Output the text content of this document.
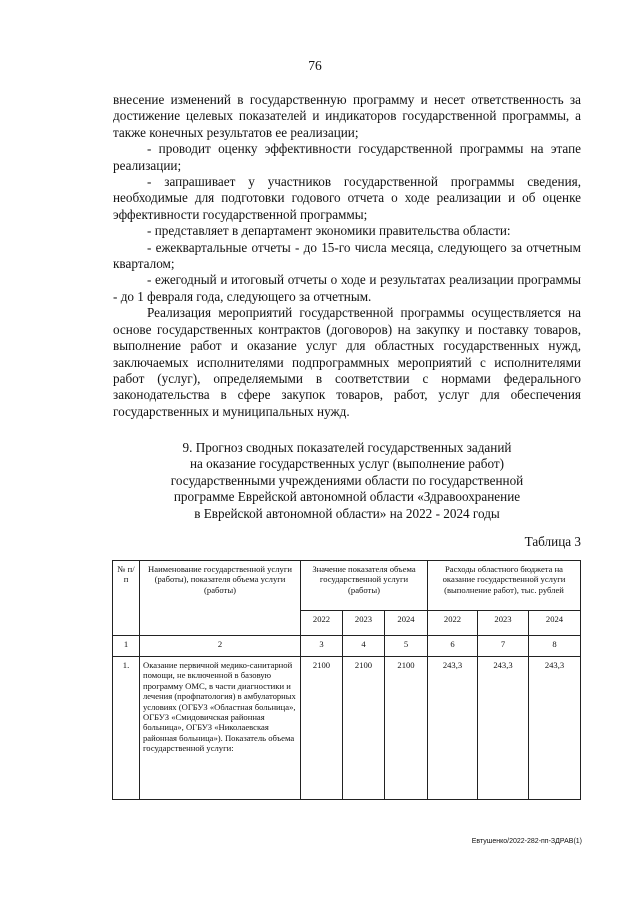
76

внесение изменений в государственную программу и несет ответственность за достижение целевых показателей и индикаторов государственной программы, а также конечных результатов ее реализации;

- проводит оценку эффективности государственной программы на этапе реализации;

- запрашивает у участников государственной программы сведения, необходимые для подготовки годового отчета о ходе реализации и об оценке эффективности государственной программы;

- представляет в департамент экономики правительства области:

- ежеквартальные отчеты - до 15-го числа месяца, следующего за отчетным кварталом;

- ежегодный и итоговый отчеты о ходе и результатах реализации программы - до 1 февраля года, следующего за отчетным.

Реализация мероприятий государственной программы осуществляется на основе государственных контрактов (договоров) на закупку и поставку товаров, выполнение работ и оказание услуг для областных государственных нужд, заключаемых исполнителями подпрограммных мероприятий с исполнителями работ (услуг), определяемыми в соответствии с нормами федерального законодательства в сфере закупок товаров, работ, услуг для обеспечения государственных и муниципальных нужд.

9. Прогноз сводных показателей государственных заданий
на оказание государственных услуг (выполнение работ)
государственными учреждениями области по государственной
программе Еврейской автономной области «Здравоохранение
в Еврейской автономной области» на 2022 - 2024 годы
Таблица 3
№ п/п	Наименование государственной услуги (работы), показателя объема услуги (работы)	Значение показателя объема государственной услуги (работы)			Расходы областного бюджета на оказание государственной услуги (выполнение работ), тыс. рублей		
		2022	2023	2024	2022	2023	2024
1	2	3	4	5	6	7	8
1.	Оказание первичной медико-санитарной помощи, не включенной в базовую программу ОМС, в части диагностики и лечения (профпатология) в амбулаторных условиях (ОГБУЗ «Областная больница», ОГБУЗ «Смидовичская районная больница», ОГБУЗ «Николаевская районная больница»). Показатель объема государственной услуги:	2100	2100	2100	243,3	243,3	243,3
Евтушенко/2022-282-пп-ЗДРАВ(1)
